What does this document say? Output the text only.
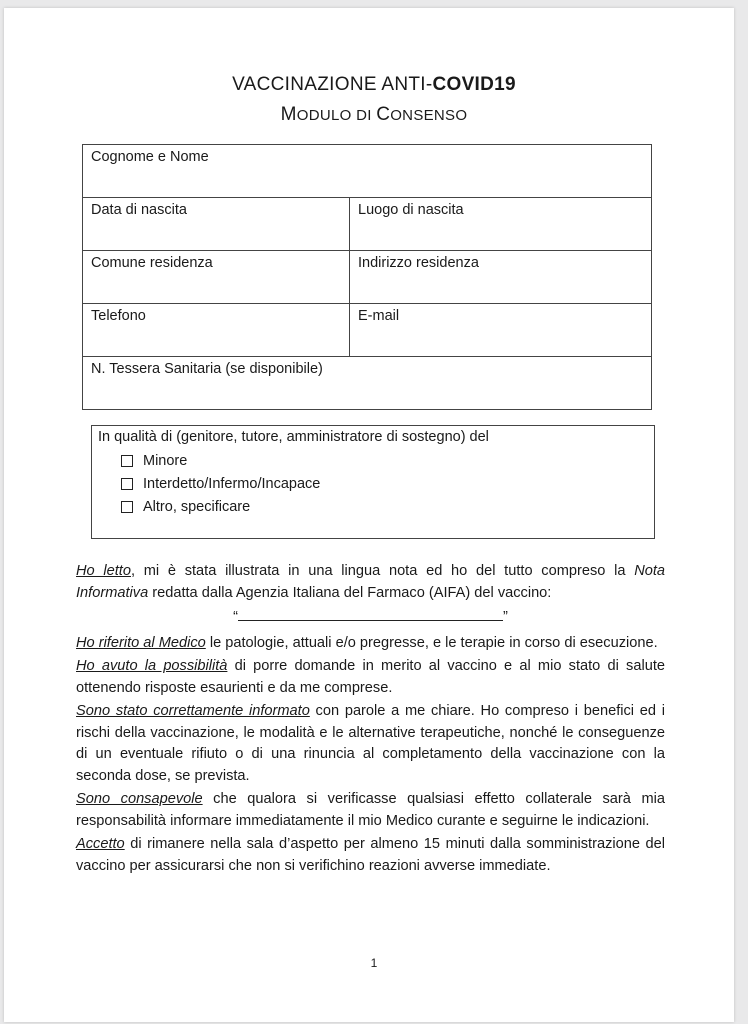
VACCINAZIONE ANTI-COVID19
MODULO DI CONSENSO
Cognome e Nome	
Data di nascita	Luogo di nascita
Comune residenza	Indirizzo residenza
Telefono	E-mail
N. Tessera Sanitaria (se disponibile)	
In qualità di (genitore, tutore, amministratore di sostegno) del
Minore
Interdetto/Infermo/Incapace
Altro, specificare

Ho letto, mi è stata illustrata in una lingua nota ed ho del tutto compreso la Nota Informativa redatta dalla Agenzia Italiana del Farmaco (AIFA) del vaccino:

“	”

Ho riferito al Medico le patologie, attuali e/o pregresse, e le terapie in corso di esecuzione.

Ho avuto la possibilità di porre domande in merito al vaccino e al mio stato di salute ottenendo risposte esaurienti e da me comprese.

Sono stato correttamente informato con parole a me chiare. Ho compreso i benefici ed i rischi della vaccinazione, le modalità e le alternative terapeutiche, nonché le conseguenze di un eventuale rifiuto o di una rinuncia al completamento della vaccinazione con la seconda dose, se prevista.

Sono consapevole che qualora si verificasse qualsiasi effetto collaterale sarà mia responsabilità informare immediatamente il mio Medico curante e seguirne le indicazioni.

Accetto di rimanere nella sala d’aspetto per almeno 15 minuti dalla somministrazione del vaccino per assicurarsi che non si verifichino reazioni avverse immediate.

1
